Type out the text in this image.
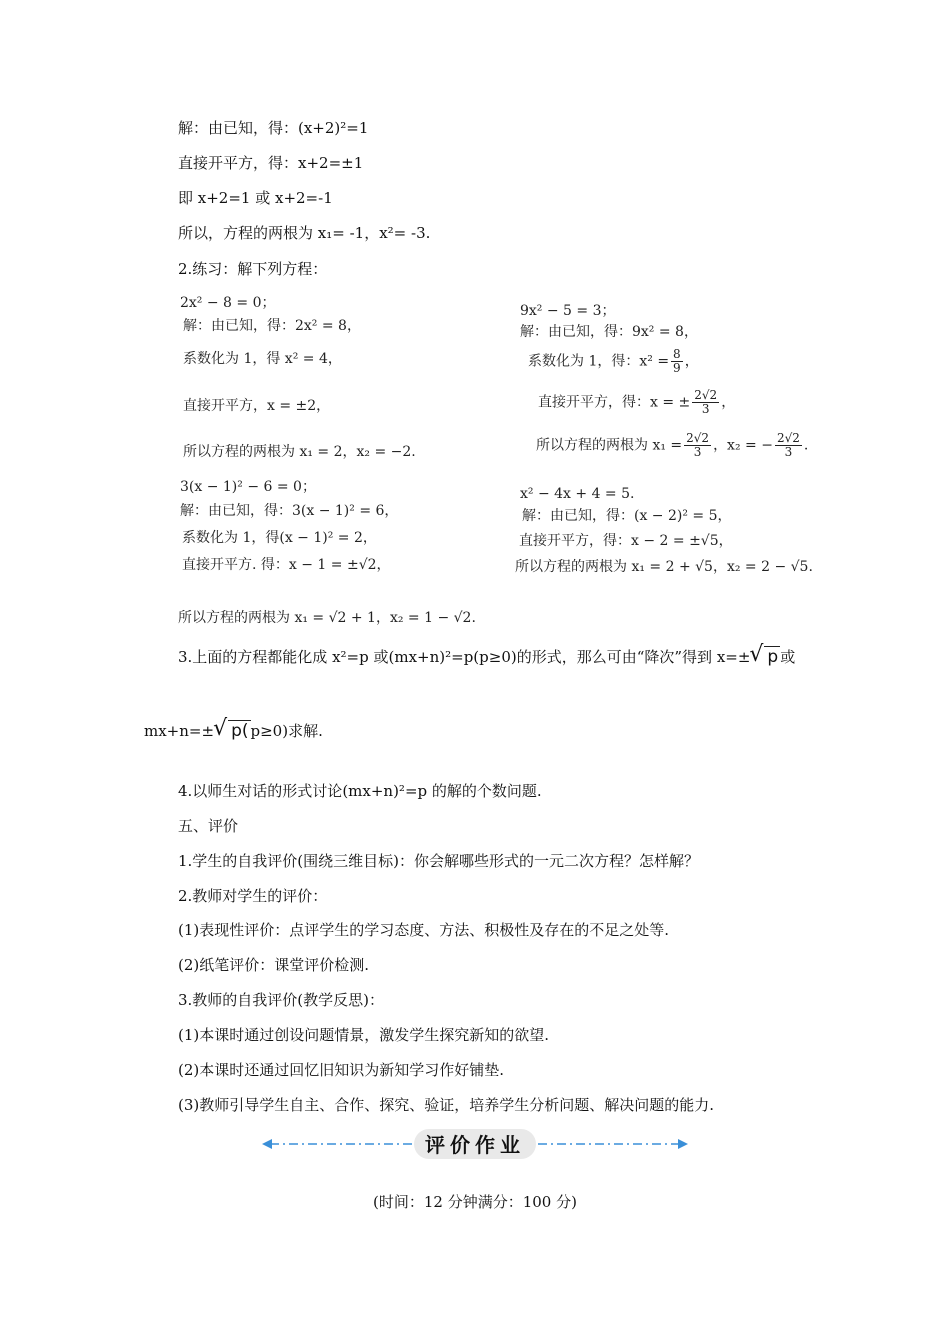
解：由已知，得：(x+2)²=1
直接开平方，得：x+2=±1
即 x+2=1 或 x+2=-1
所以，方程的两根为 x₁= -1，x²= -3.
2.练习：解下列方程：
2x² − 8 = 0；
解：由已知，得：2x² = 8，
系数化为 1，得 x² = 4，
直接开平方，x = ±2，
所以方程的两根为 x₁ = 2，x₂ = −2.
9x² − 5 = 3；
解：由已知，得：9x² = 8，
系数化为 1，得：$x^2 = \frac{8}{9}$ ，
直接开平方，得：x = ± $\frac{2√2}{3}$ ，
所以方程的两根为 $x_1 = \frac{2√2}{3}$ ，x₂ = − $\frac{2√2}{3}$ .
3(x − 1)² − 6 = 0；
解：由已知，得：3(x − 1)² = 6，
系数化为 1，得(x − 1)² = 2，
直接开平方. 得：x − 1 = ±√2，
x² − 4x + 4 = 5.
解：由已知，得：(x − 2)² = 5，
直接开平方，得：x − 2 = ±√5，
所以方程的两根为 x₁ = 2 + √5，x₂ = 2 − √5.
所以方程的两根为 x₁ = √2 + 1，x₂ = 1 − √2.
3.上面的方程都能化成 x²=p 或(mx+n)²=p(p≥0)的形式，那么可由“降次”得到 x=± √ p 或
mx+n=± √ p( p≥0)求解.
4.以师生对话的形式讨论(mx+n)²=p 的解的个数问题.
五、评价
1.学生的自我评价(围绕三维目标)：你会解哪些形式的一元二次方程？怎样解？
2.教师对学生的评价：
(1)表现性评价：点评学生的学习态度、方法、积极性及存在的不足之处等.
(2)纸笔评价：课堂评价检测.
3.教师的自我评价(教学反思)：
(1)本课时通过创设问题情景，激发学生探究新知的欲望.
(2)本课时还通过回忆旧知识为新知学习作好铺垫.
(3)教师引导学生自主、合作、探究、验证，培养学生分析问题、解决问题的能力.
评价作业
(时间：12 分钟满分：100 分)
